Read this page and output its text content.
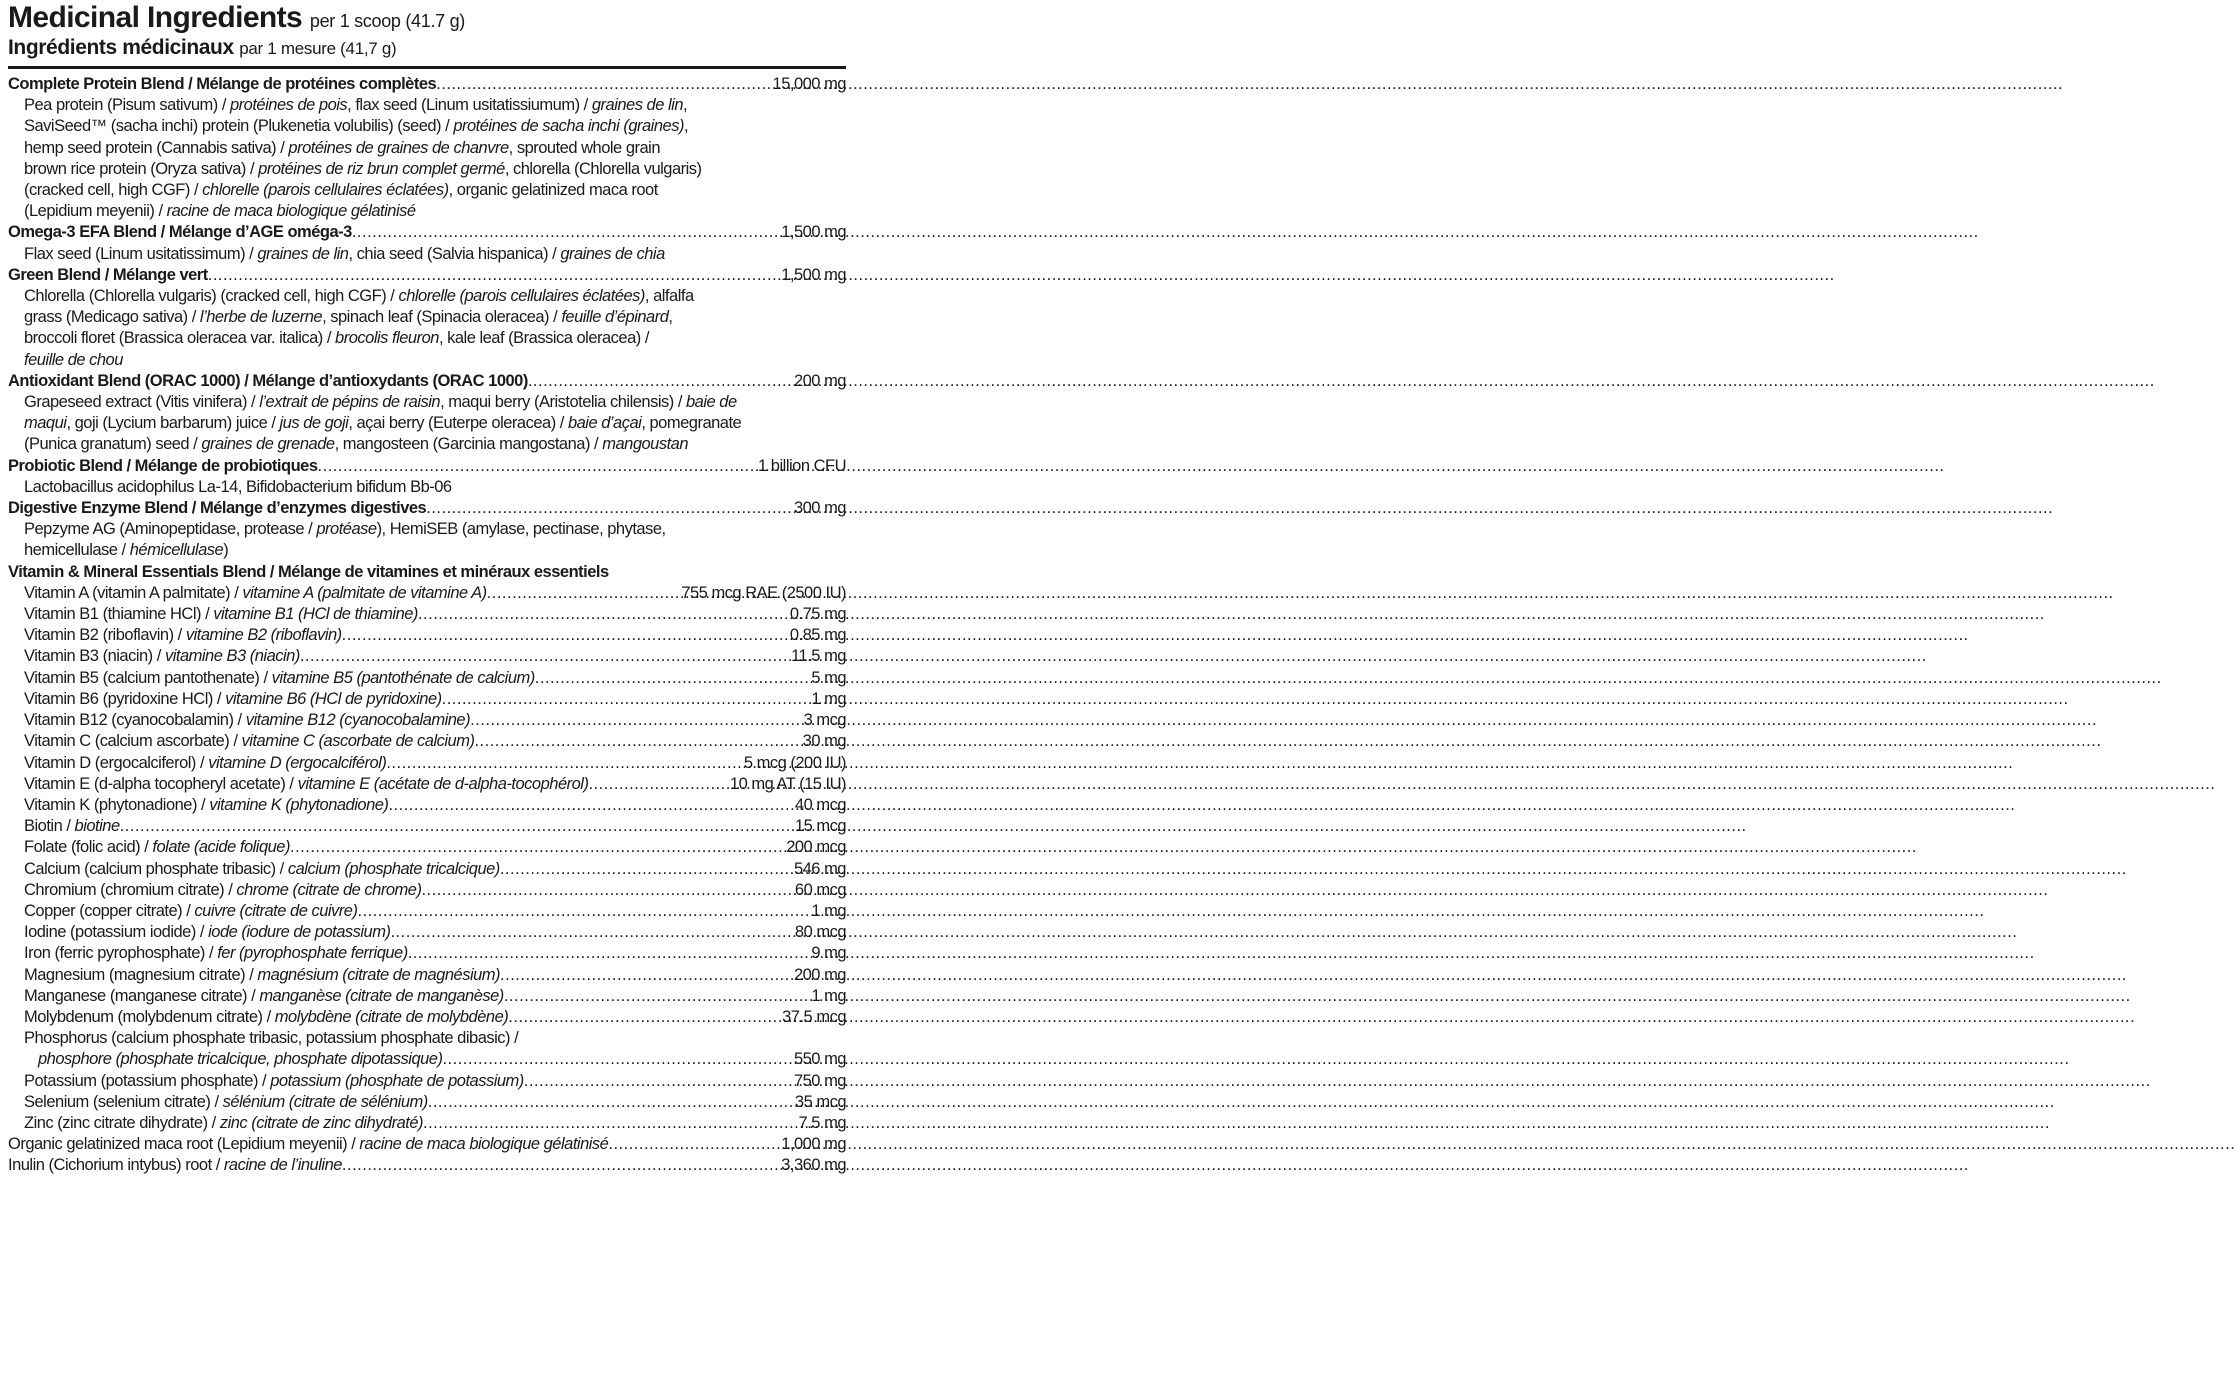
Medicinal Ingredients per 1 scoop (41.7 g)
Ingrédients médicinaux par 1 mesure (41,7 g)
Complete Protein Blend / Mélange de protéines complètes .....	15,000 mg
Pea protein (Pisum sativum) / protéines de pois, flax seed (Linum usitatissiumum) / graines de lin,
SaviSeed™ (sacha inchi) protein (Plukenetia volubilis) (seed) / protéines de sacha inchi (graines),
hemp seed protein (Cannabis sativa) / protéines de graines de chanvre, sprouted whole grain
brown rice protein (Oryza sativa) / protéines de riz brun complet germé, chlorella (Chlorella vulgaris)
(cracked cell, high CGF) / chlorelle (parois cellulaires éclatées), organic gelatinized maca root
(Lepidium meyenii) / racine de maca biologique gélatinisé
Omega-3 EFA Blend / Mélange d’AGE oméga-3 .....	1,500 mg
Flax seed (Linum usitatissimum) / graines de lin, chia seed (Salvia hispanica) / graines de chia
Green Blend / Mélange vert .....	1,500 mg
Chlorella (Chlorella vulgaris) (cracked cell, high CGF) / chlorelle (parois cellulaires éclatées), alfalfa
grass (Medicago sativa) / l’herbe de luzerne, spinach leaf (Spinacia oleracea) / feuille d’épinard,
broccoli floret (Brassica oleracea var. italica) / brocolis fleuron, kale leaf (Brassica oleracea) /
feuille de chou
Antioxidant Blend (ORAC 1000) / Mélange d’antioxydants (ORAC 1000) .....	200 mg
Grapeseed extract (Vitis vinifera) / l’extrait de pépins de raisin, maqui berry (Aristotelia chilensis) / baie de
maqui, goji (Lycium barbarum) juice / jus de goji, açai berry (Euterpe oleracea) / baie d’açai, pomegranate
(Punica granatum) seed / graines de grenade, mangosteen (Garcinia mangostana) / mangoustan
Probiotic Blend / Mélange de probiotiques .....	1 billion CFU
Lactobacillus acidophilus La-14, Bifidobacterium bifidum Bb-06
Digestive Enzyme Blend / Mélange d’enzymes digestives .....	300 mg
Pepzyme AG (Aminopeptidase, protease / protéase), HemiSEB (amylase, pectinase, phytase,
hemicellulase / hémicellulase)
Vitamin & Mineral Essentials Blend / Mélange de vitamines et minéraux essentiels
Vitamin A (vitamin A palmitate) / vitamine A (palmitate de vitamine A) .....	755 mcg RAE (2500 IU)
Vitamin B1 (thiamine HCl) / vitamine B1 (HCl de thiamine) .....	0.75 mg
Vitamin B2 (riboflavin) / vitamine B2 (riboflavin) .....	0.85 mg
Vitamin B3 (niacin) / vitamine B3 (niacin) .....	11.5 mg
Vitamin B5 (calcium pantothenate) / vitamine B5 (pantothénate de calcium) .....	5 mg
Vitamin B6 (pyridoxine HCl) / vitamine B6 (HCl de pyridoxine) .....	1 mg
Vitamin B12 (cyanocobalamin) / vitamine B12 (cyanocobalamine) .....	3 mcg
Vitamin C (calcium ascorbate) / vitamine C (ascorbate de calcium) .....	30 mg
Vitamin D (ergocalciferol) / vitamine D (ergocalciférol) .....	5 mcg (200 IU)
Vitamin E (d-alpha tocopheryl acetate) / vitamine E (acétate de d-alpha-tocophérol) .....	10 mg AT (15 IU)
Vitamin K (phytonadione) / vitamine K (phytonadione) .....	40 mcg
Biotin / biotine .....	15 mcg
Folate (folic acid) / folate (acide folique) .....	200 mcg
Calcium (calcium phosphate tribasic) / calcium (phosphate tricalcique) .....	546 mg
Chromium (chromium citrate) / chrome (citrate de chrome) .....	60 mcg
Copper (copper citrate) / cuivre (citrate de cuivre) .....	1 mg
Iodine (potassium iodide) / iode (iodure de potassium) .....	80 mcg
Iron (ferric pyrophosphate) / fer (pyrophosphate ferrique) .....	9 mg
Magnesium (magnesium citrate) / magnésium (citrate de magnésium) .....	200 mg
Manganese (manganese citrate) / manganèse (citrate de manganèse) .....	1 mg
Molybdenum (molybdenum citrate) / molybdène (citrate de molybdène) .....	37.5 mcg
Phosphorus (calcium phosphate tribasic, potassium phosphate dibasic) /
phosphore (phosphate tricalcique, phosphate dipotassique) .....	550 mg
Potassium (potassium phosphate) / potassium (phosphate de potassium) .....	750 mg
Selenium (selenium citrate) / sélénium (citrate de sélénium) .....	35 mcg
Zinc (zinc citrate dihydrate) / zinc (citrate de zinc dihydraté) .....	7.5 mg
Organic gelatinized maca root (Lepidium meyenii) / racine de maca biologique gélatinisé .....	1,000 mg
Inulin (Cichorium intybus) root / racine de l’inuline .....	3,360 mg
